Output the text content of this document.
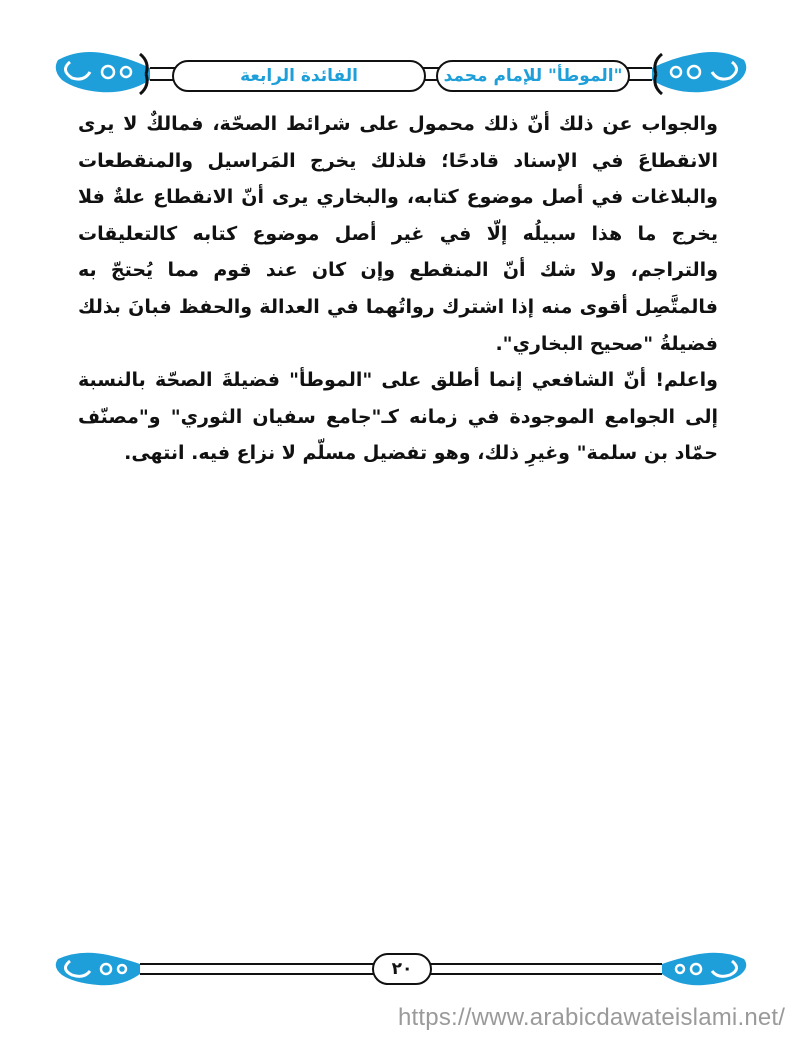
الفائدة الرابعة	"الموطأ" للإمام محمد

والجواب عن ذلك أنّ ذلك محمول على شرائط الصحّة، فمالكٌ لا يرى الانقطاعَ في الإسناد قادحًا؛ فلذلك يخرج المَراسيل والمنقطعات والبلاغات في أصل موضوع كتابه، والبخاري يرى أنّ الانقطاع علةٌ فلا يخرج ما هذا سبيلُه إلّا في غير أصل موضوع كتابه كالتعليقات والتراجم، ولا شك أنّ المنقطع وإن كان عند قوم مما يُحتجّ به فالمتَّصِل أقوى منه إذا اشترك رواتُهما في العدالة والحفظ فبانَ بذلك فضيلةُ "صحيح البخاري".

واعلم! أنّ الشافعي إنما أطلق على "الموطأ" فضيلةَ الصحّة بالنسبة إلى الجوامع الموجودة في زمانه كـ"جامع سفيان الثوري" و"مصنّف حمّاد بن سلمة" وغيرِ ذلك، وهو تفضيل مسلّم لا نزاع فيه. انتهى.

٢٠
https://www.arabicdawateislami.net/
